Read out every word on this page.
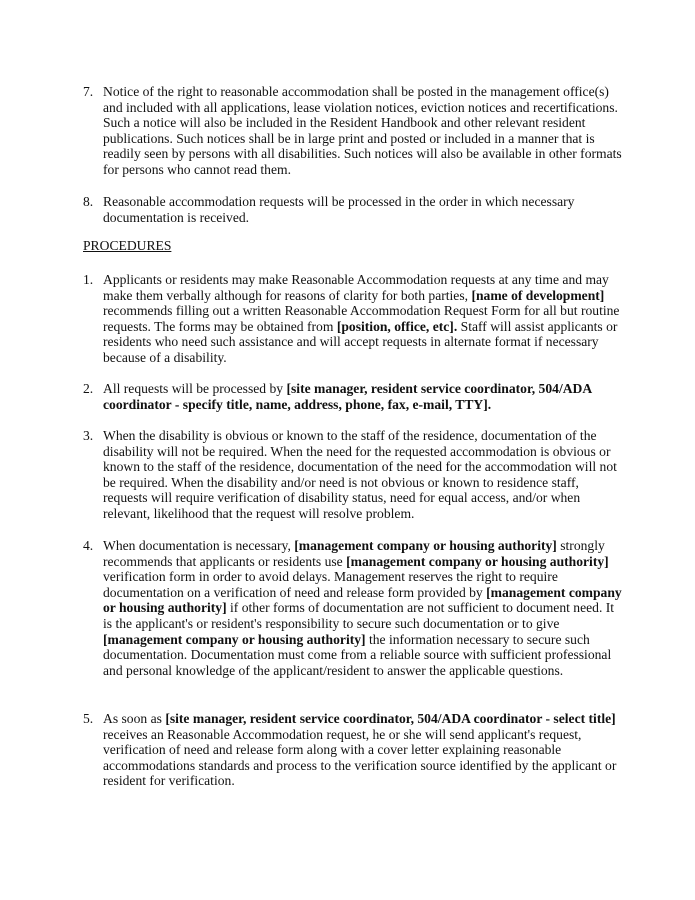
7. Notice of the right to reasonable accommodation shall be posted in the management office(s) and included with all applications, lease violation notices, eviction notices and recertifications. Such a notice will also be included in the Resident Handbook and other relevant resident publications. Such notices shall be in large print and posted or included in a manner that is readily seen by persons with all disabilities. Such notices will also be available in other formats for persons who cannot read them.
8. Reasonable accommodation requests will be processed in the order in which necessary documentation is received.
PROCEDURES
1. Applicants or residents may make Reasonable Accommodation requests at any time and may make them verbally although for reasons of clarity for both parties, [name of development] recommends filling out a written Reasonable Accommodation Request Form for all but routine requests. The forms may be obtained from [position, office, etc]. Staff will assist applicants or residents who need such assistance and will accept requests in alternate format if necessary because of a disability.
2. All requests will be processed by [site manager, resident service coordinator, 504/ADA coordinator - specify title, name, address, phone, fax, e-mail, TTY].
3. When the disability is obvious or known to the staff of the residence, documentation of the disability will not be required. When the need for the requested accommodation is obvious or known to the staff of the residence, documentation of the need for the accommodation will not be required. When the disability and/or need is not obvious or known to residence staff, requests will require verification of disability status, need for equal access, and/or when relevant, likelihood that the request will resolve problem.
4. When documentation is necessary, [management company or housing authority] strongly recommends that applicants or residents use [management company or housing authority] verification form in order to avoid delays. Management reserves the right to require documentation on a verification of need and release form provided by [management company or housing authority] if other forms of documentation are not sufficient to document need. It is the applicant's or resident's responsibility to secure such documentation or to give [management company or housing authority] the information necessary to secure such documentation. Documentation must come from a reliable source with sufficient professional and personal knowledge of the applicant/resident to answer the applicable questions.
5. As soon as [site manager, resident service coordinator, 504/ADA coordinator - select title] receives an Reasonable Accommodation request, he or she will send applicant's request, verification of need and release form along with a cover letter explaining reasonable accommodations standards and process to the verification source identified by the applicant or resident for verification.
